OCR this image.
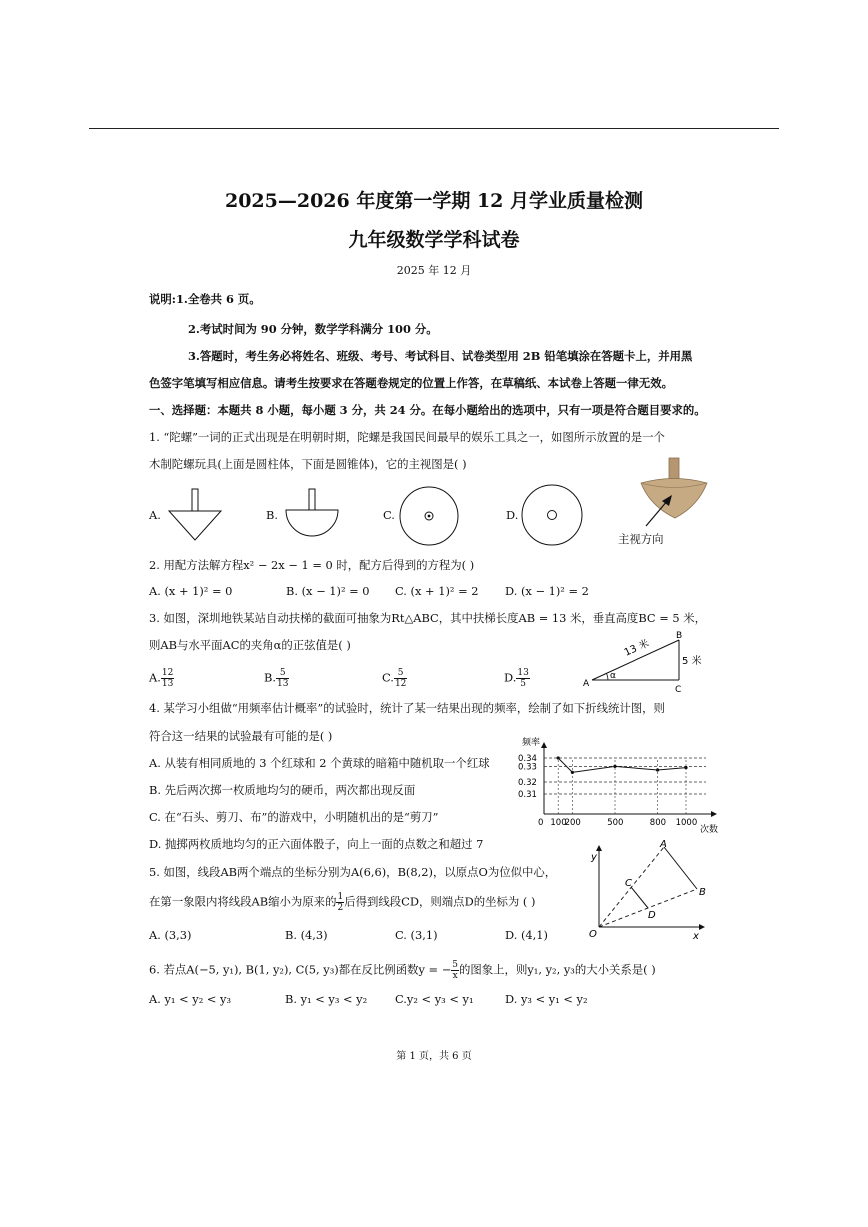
2025—2026 年度第一学期 12 月学业质量检测
九年级数学学科试卷
2025 年 12 月
说明:1.全卷共 6 页。
2.考试时间为 90 分钟，数学学科满分 100 分。
3.答题时，考生务必将姓名、班级、考号、考试科目、试卷类型用 2B 铅笔填涂在答题卡上，并用黑
色签字笔填写相应信息。请考生按要求在答题卷规定的位置上作答，在草稿纸、本试卷上答题一律无效。
一、选择题：本题共 8 小题，每小题 3 分，共 24 分。在每小题给出的选项中，只有一项是符合题目要求的。
1. “陀螺”一词的正式出现是在明朝时期，陀螺是我国民间最早的娱乐工具之一，如图所示放置的是一个
木制陀螺玩具(上面是圆柱体，下面是圆锥体)，它的主视图是( )
A.	B.	C.	D.
主视方向
2. 用配方法解方程x² − 2x − 1 = 0 时，配方后得到的方程为( )
A. (x + 1)² = 0	B. (x − 1)² = 0 C. (x + 1)² = 2 D. (x − 1)² = 2
3. 如图，深圳地铁某站自动扶梯的截面可抽象为Rt△ABC，其中扶梯长度AB = 13 米，垂直高度BC = 5 米，
则AB与水平面AC的夹角α的正弦值是( )
A. $\frac{12}{13}$	B. $\frac{5}{13}$	C. $\frac{5}{12}$	D. $\frac{13}{5}$	α
A
B
C
5 米
13 米
4. 某学习小组做“用频率估计概率”的试验时，统计了某一结果出现的频率，绘制了如下折线统计图，则
符合这一结果的试验最有可能的是( )
A. 从装有相同质地的 3 个红球和 2 个黄球的暗箱中随机取一个红球
B. 先后两次掷一枚质地均匀的硬币，两次都出现反面
C. 在“石头、剪刀、布”的游戏中，小明随机出的是“剪刀”
D. 抛掷两枚质地均匀的正六面体骰子，向上一面的点数之和超过 7
频率
次数
0.34
0.33
0.32
0.31
0 100
200	500	800 1000
5. 如图，线段AB两个端点的坐标分别为A(6,6)，B(8,2)，以原点O为位似中心，
在第一象限内将线段AB缩小为原来的 $\frac{1}{2}$ 后得到线段CD，则端点D的坐标为 ( )
A. (3,3)	B. (4,3)	C. (3,1)	D. (4,1)
y
x
O
A
B
C
D
6. 若点A(−5, y₁), B(1, y₂), C(5, y₃)都在反比例函数y = − $\frac{5}{x}$ 的图象上，则y₁, y₂, y₃的大小关系是( )
A. y₁ < y₂ < y₃	B. y₁ < y₃ < y₂ C.y₂ < y₃ < y₁	D. y₃ < y₁ < y₂
第 1 页，共 6 页
